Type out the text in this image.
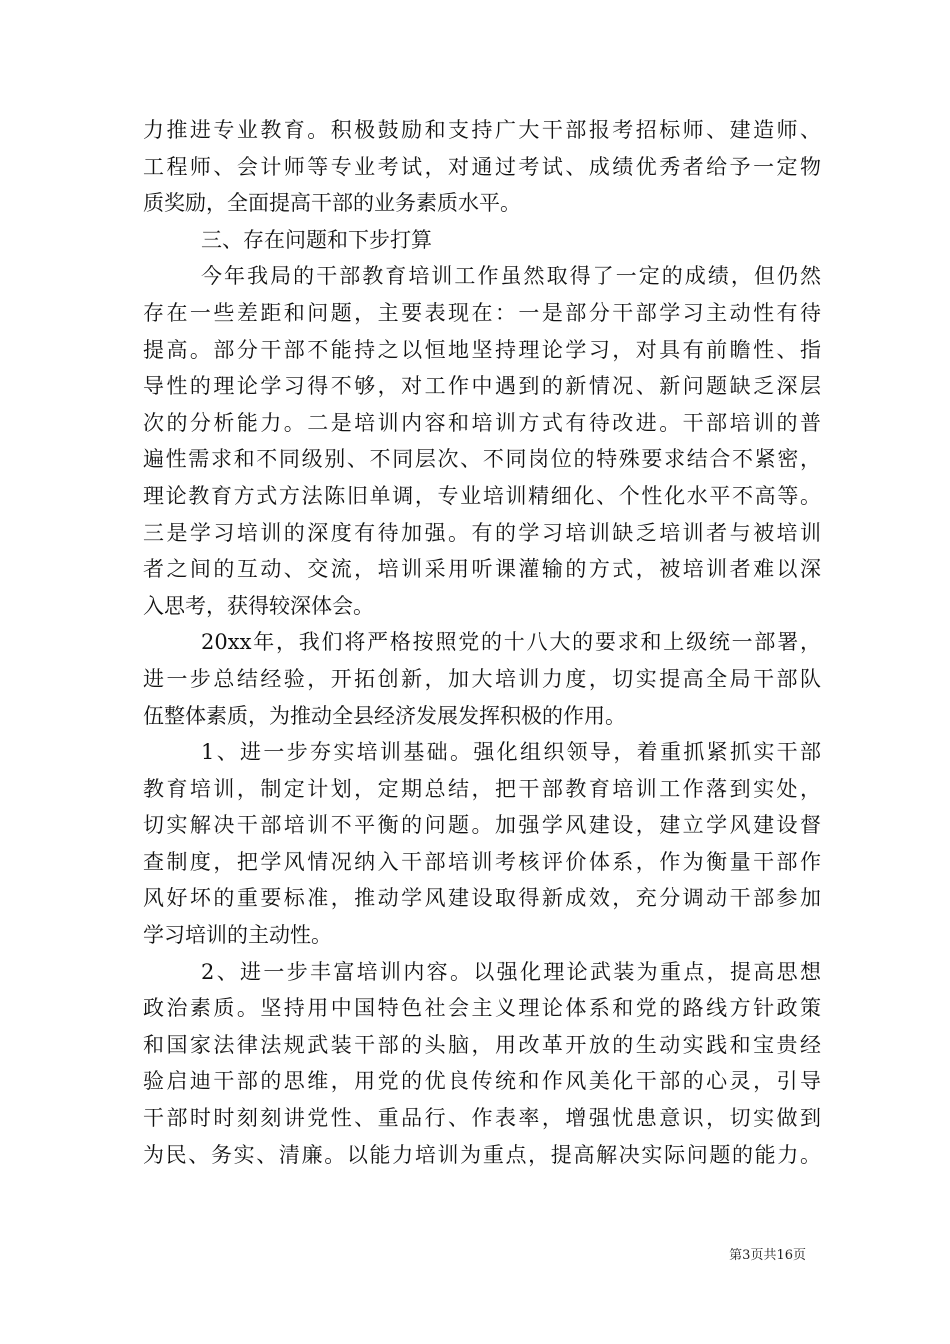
力推进专业教育。积极鼓励和支持广大干部报考招标师、建造师、
工程师、会计师等专业考试，对通过考试、成绩优秀者给予一定物
质奖励，全面提高干部的业务素质水平。
三、存在问题和下步打算
今年我局的干部教育培训工作虽然取得了一定的成绩，但仍然
存在一些差距和问题，主要表现在：一是部分干部学习主动性有待
提高。部分干部不能持之以恒地坚持理论学习，对具有前瞻性、指
导性的理论学习得不够，对工作中遇到的新情况、新问题缺乏深层
次的分析能力。二是培训内容和培训方式有待改进。干部培训的普
遍性需求和不同级别、不同层次、不同岗位的特殊要求结合不紧密，
理论教育方式方法陈旧单调，专业培训精细化、个性化水平不高等。
三是学习培训的深度有待加强。有的学习培训缺乏培训者与被培训
者之间的互动、交流，培训采用听课灌输的方式，被培训者难以深
入思考，获得较深体会。
20xx年，我们将严格按照党的十八大的要求和上级统一部署，
进一步总结经验，开拓创新，加大培训力度，切实提高全局干部队
伍整体素质，为推动全县经济发展发挥积极的作用。
1、进一步夯实培训基础。强化组织领导，着重抓紧抓实干部
教育培训，制定计划，定期总结，把干部教育培训工作落到实处，
切实解决干部培训不平衡的问题。加强学风建设，建立学风建设督
查制度，把学风情况纳入干部培训考核评价体系，作为衡量干部作
风好坏的重要标准，推动学风建设取得新成效，充分调动干部参加
学习培训的主动性。
2、进一步丰富培训内容。以强化理论武装为重点，提高思想
政治素质。坚持用中国特色社会主义理论体系和党的路线方针政策
和国家法律法规武装干部的头脑，用改革开放的生动实践和宝贵经
验启迪干部的思维，用党的优良传统和作风美化干部的心灵，引导
干部时时刻刻讲党性、重品行、作表率，增强忧患意识，切实做到
为民、务实、清廉。以能力培训为重点，提高解决实际问题的能力。
第3页共16页
